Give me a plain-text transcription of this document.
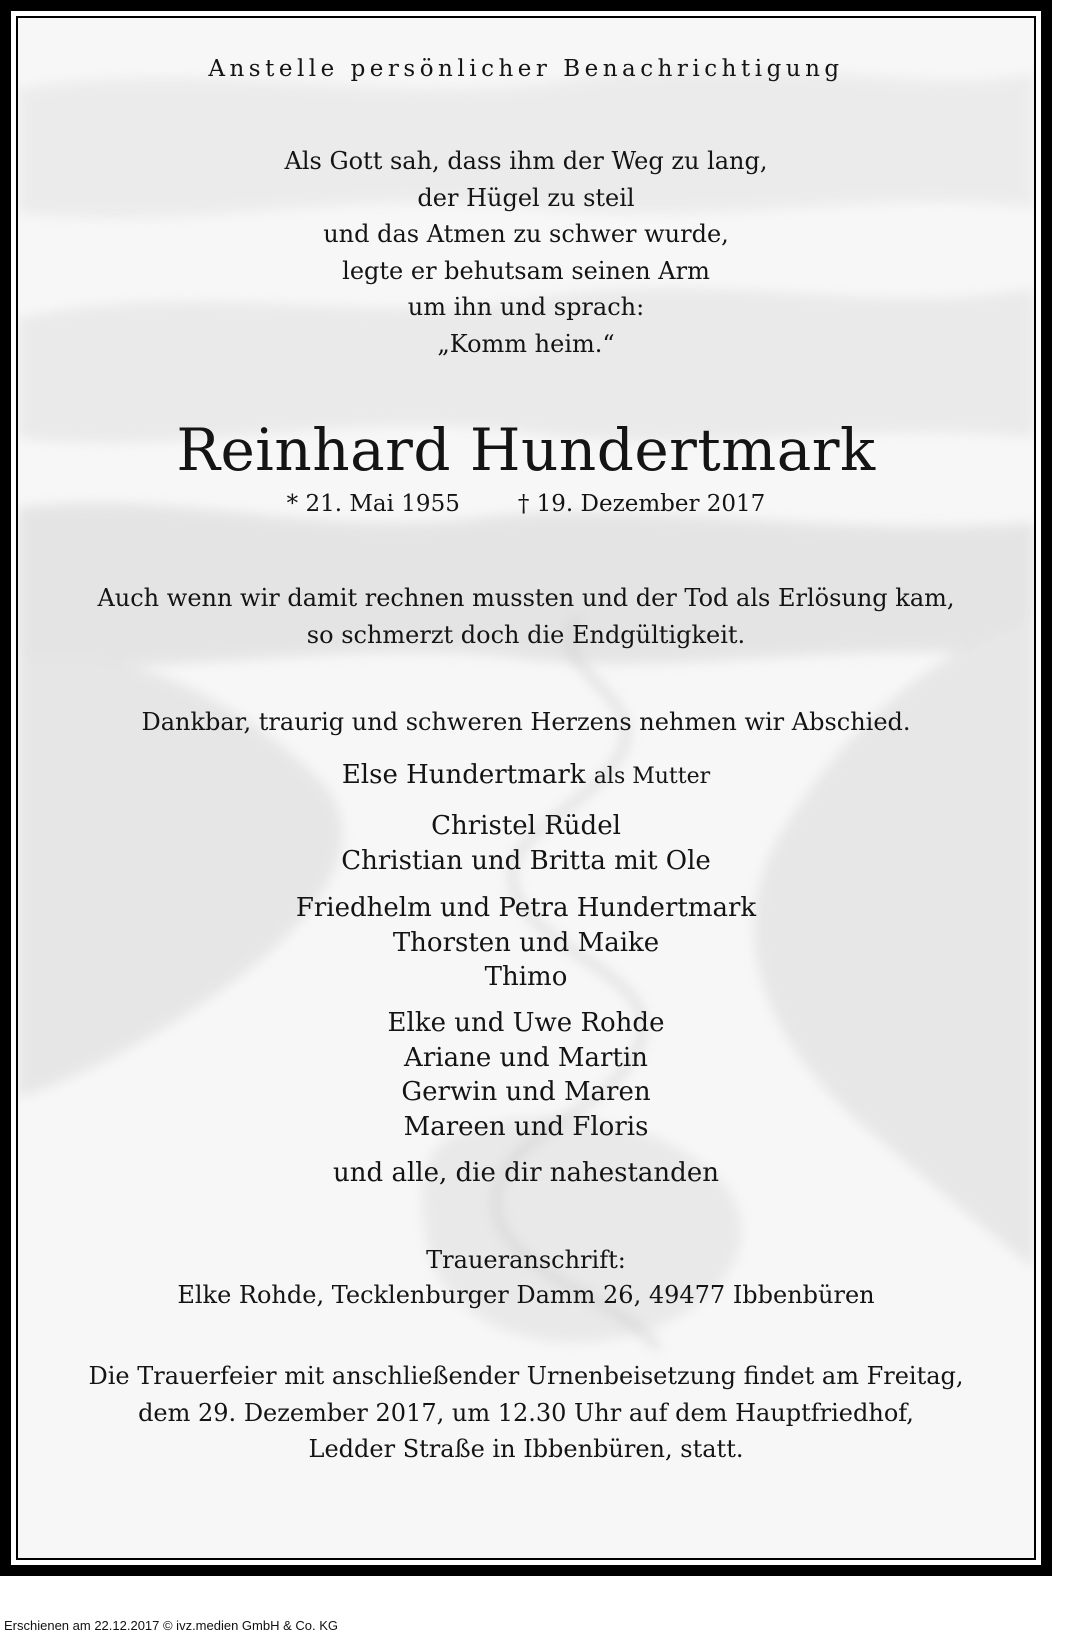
Anstelle persönlicher Benachrichtigung
Als Gott sah, dass ihm der Weg zu lang,
der Hügel zu steil
und das Atmen zu schwer wurde,
legte er behutsam seinen Arm
um ihn und sprach:
„Komm heim.“
Reinhard Hundertmark
* 21. Mai 1955	† 19. Dezember 2017
Auch wenn wir damit rechnen mussten und der Tod als Erlösung kam,
so schmerzt doch die Endgültigkeit.
Dankbar, traurig und schweren Herzens nehmen wir Abschied.
Else Hundertmark als Mutter
Christel Rüdel
Christian und Britta mit Ole
Friedhelm und Petra Hundertmark
Thorsten und Maike
Thimo
Elke und Uwe Rohde
Ariane und Martin
Gerwin und Maren
Mareen und Floris
und alle, die dir nahestanden
Traueranschrift:
Elke Rohde, Tecklenburger Damm 26, 49477 Ibbenbüren
Die Trauerfeier mit anschließender Urnenbeisetzung findet am Freitag,
dem 29. Dezember 2017, um 12.30 Uhr auf dem Hauptfriedhof,
Ledder Straße in Ibbenbüren, statt.
Erschienen am 22.12.2017 © ivz.medien GmbH & Co. KG
